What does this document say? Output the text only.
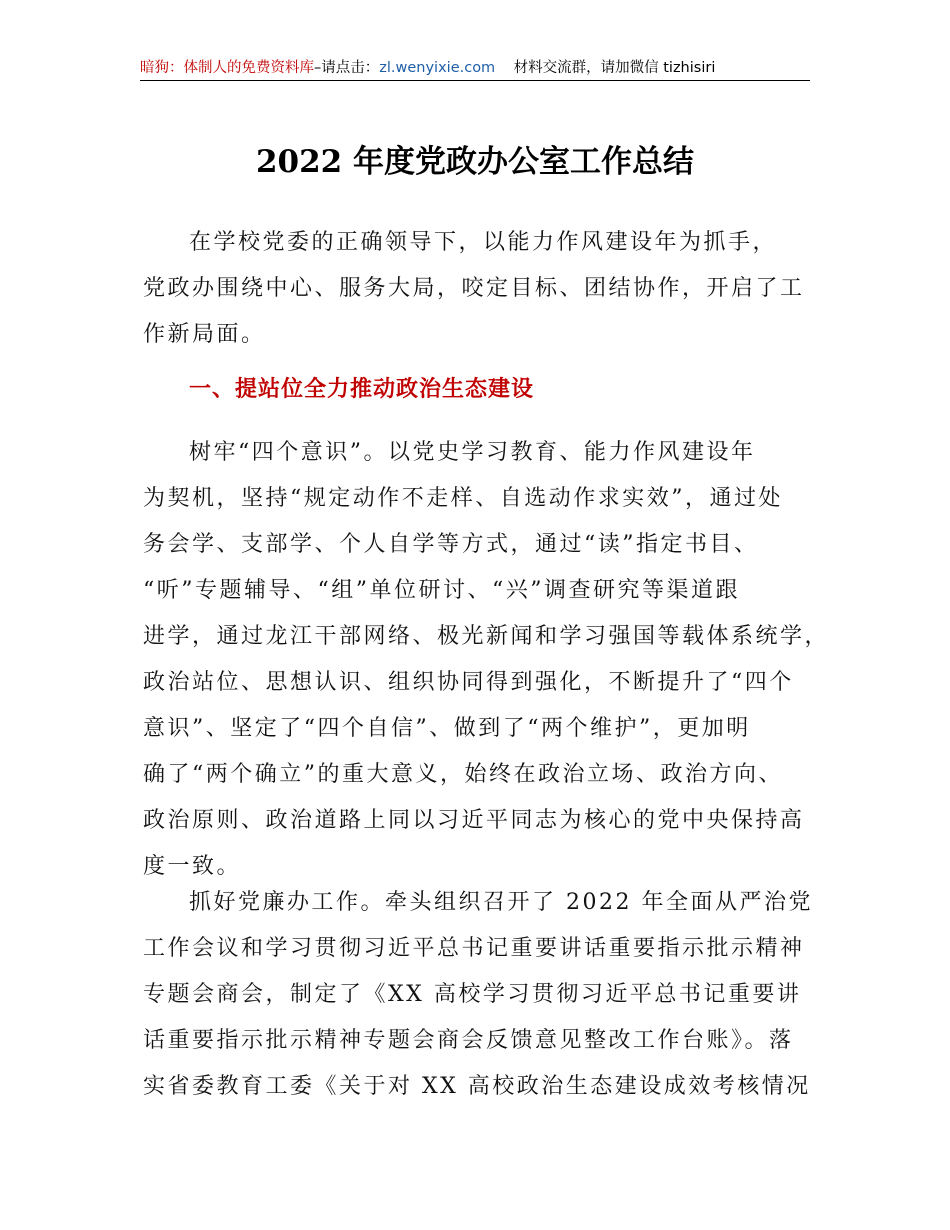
暗狗：体制人的免费资料库–请点击：zl.wenyixie.com 材料交流群，请加微信 tizhisiri
2022 年度党政办公室工作总结
在学校党委的正确领导下，以能力作风建设年为抓手，
党政办围绕中心、服务大局，咬定目标、团结协作，开启了工
作新局面。
一、提站位全力推动政治生态建设
树牢“四个意识”。以党史学习教育、能力作风建设年
为契机，坚持“规定动作不走样、自选动作求实效”，通过处
务会学、支部学、个人自学等方式，通过“读”指定书目、
“听”专题辅导、“组”单位研讨、“兴”调查研究等渠道跟
进学，通过龙江干部网络、极光新闻和学习强国等载体系统学，
政治站位、思想认识、组织协同得到强化，不断提升了“四个
意识”、坚定了“四个自信”、做到了“两个维护”，更加明
确了“两个确立”的重大意义，始终在政治立场、政治方向、
政治原则、政治道路上同以习近平同志为核心的党中央保持高
度一致。
抓好党廉办工作。牵头组织召开了 2022 年全面从严治党
工作会议和学习贯彻习近平总书记重要讲话重要指示批示精神
专题会商会，制定了《XX 高校学习贯彻习近平总书记重要讲
话重要指示批示精神专题会商会反馈意见整改工作台账》。落
实省委教育工委《关于对 XX 高校政治生态建设成效考核情况
